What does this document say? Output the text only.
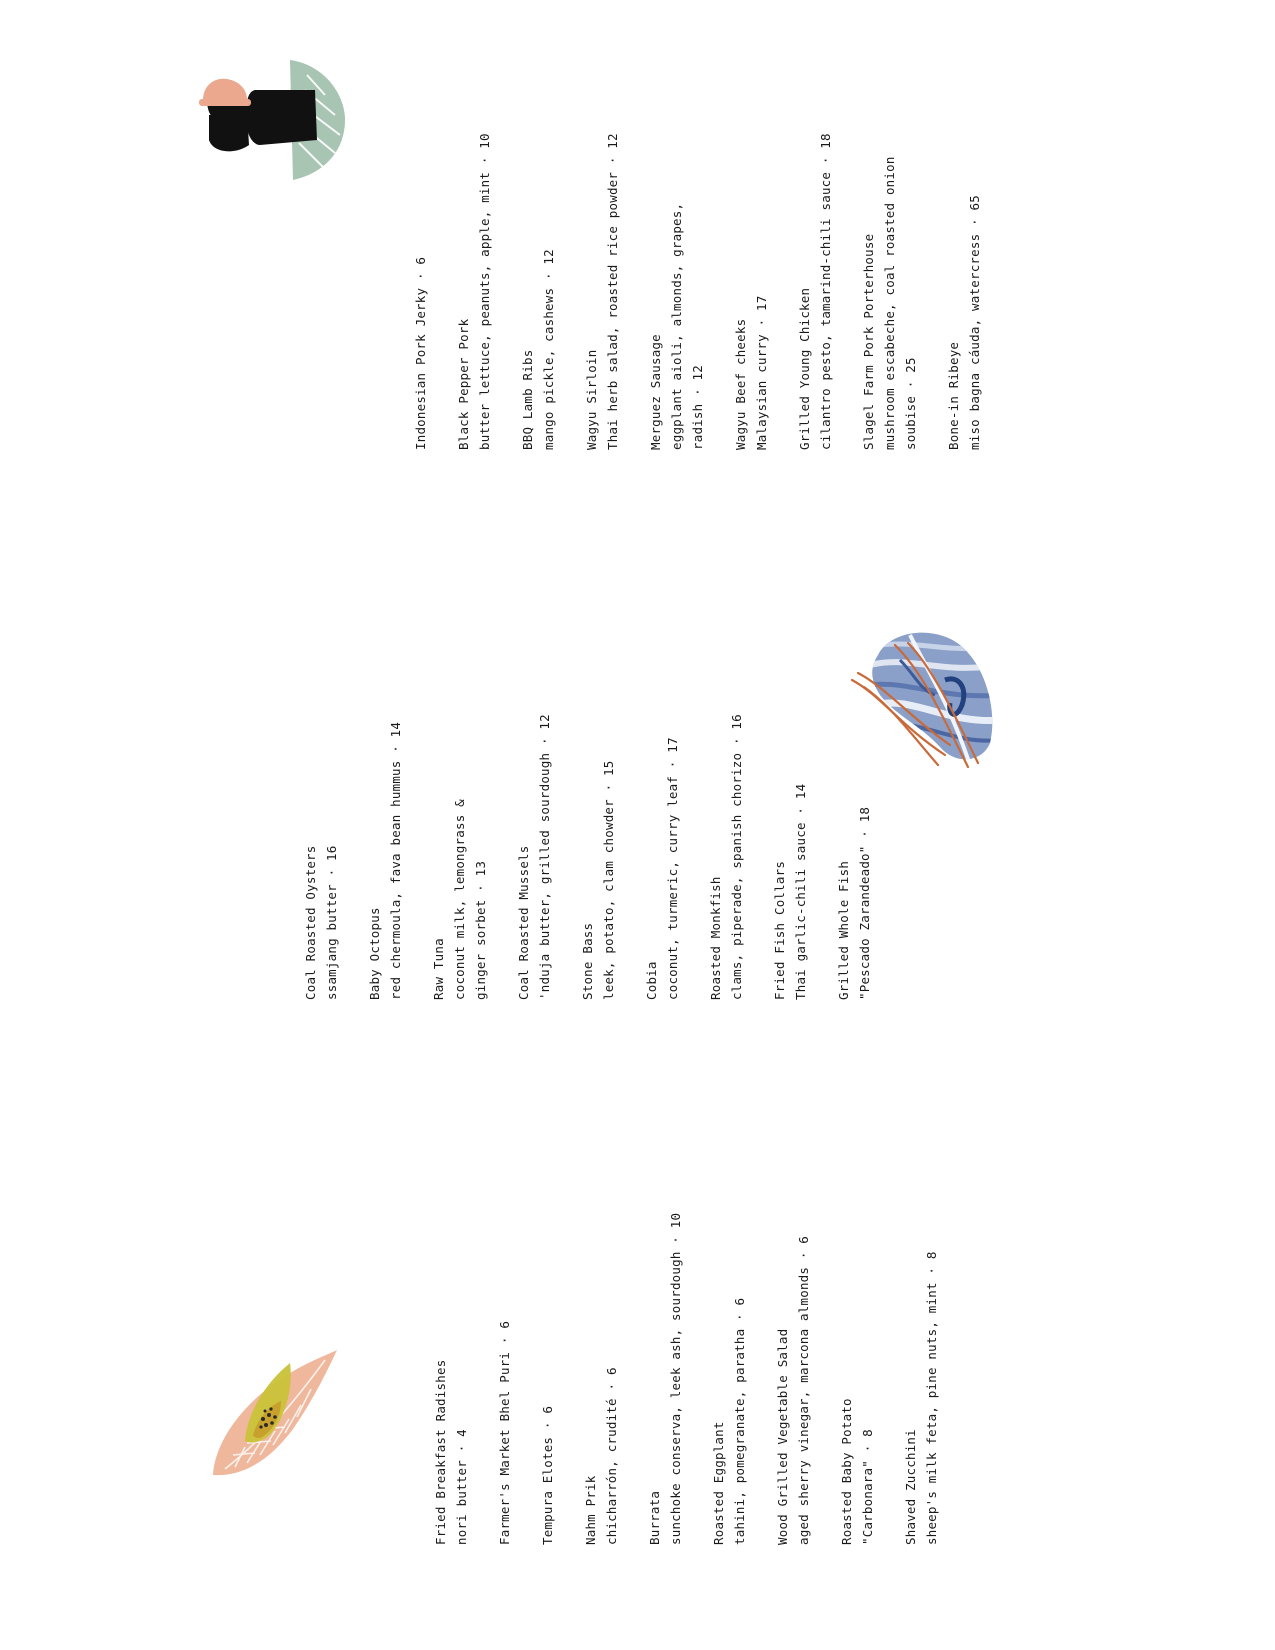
Fried Breakfast Radishes nori butter · 4 Farmer's Market Bhel Puri · 6 Tempura Elotes · 6 Nahm Prik chicharrón, crudité · 6 Burrata sunchoke conserva, leek ash, sourdough · 10 Roasted Eggplant tahini, pomegranate, paratha · 6 Wood Grilled Vegetable Salad aged sherry vinegar, marcona almonds · 6 Roasted Baby Potato "Carbonara" · 8 Shaved Zucchini sheep's milk feta, pine nuts, mint · 8
Coal Roasted Oysters ssamjang butter · 16 Baby Octopus red chermoula, fava bean hummus · 14 Raw Tuna coconut milk, lemongrass & ginger sorbet · 13 Coal Roasted Mussels 'nduja butter, grilled sourdough · 12 Stone Bass leek, potato, clam chowder · 15 Cobia coconut, turmeric, curry leaf · 17 Roasted Monkfish clams, piperade, spanish chorizo · 16 Fried Fish Collars Thai garlic-chili sauce · 14 Grilled Whole Fish "Pescado Zarandeado" · 18
Indonesian Pork Jerky · 6 Black Pepper Pork butter lettuce, peanuts, apple, mint · 10 BBQ Lamb Ribs mango pickle, cashews · 12 Wagyu Sirloin Thai herb salad, roasted rice powder · 12 Merguez Sausage eggplant aioli, almonds, grapes, radish · 12 Wagyu Beef cheeks Malaysian curry · 17 Grilled Young Chicken cilantro pesto, tamarind-chili sauce · 18 Slagel Farm Pork Porterhouse mushroom escabeche, coal roasted onion soubise · 25 Bone-in Ribeye miso bagna cáuda, watercress · 65
